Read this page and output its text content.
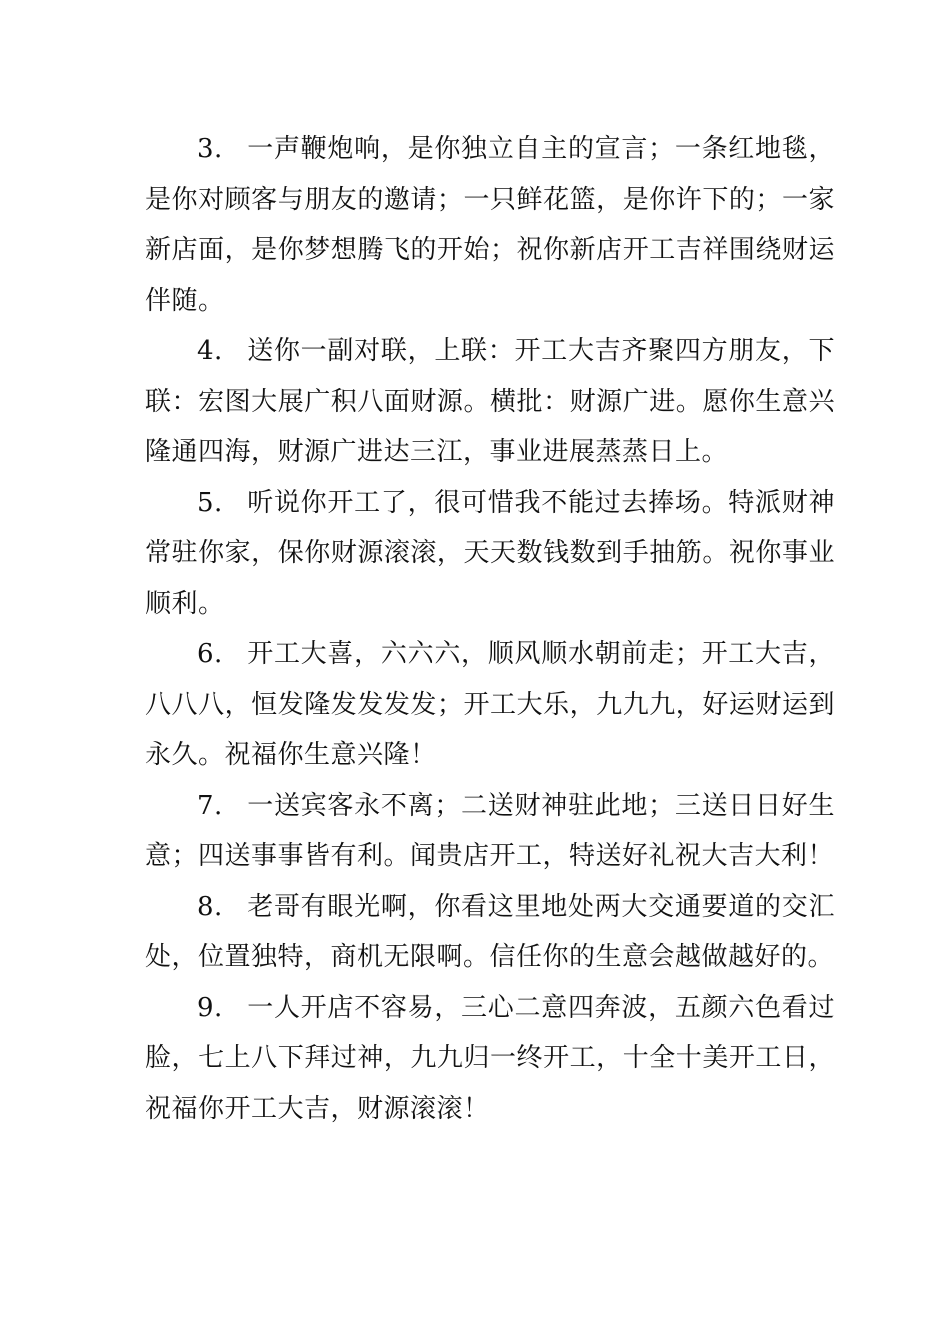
3. 一声鞭炮响，是你独立自主的宣言；一条红地毯，是你对顾客与朋友的邀请；一只鲜花篮，是你许下的；一家新店面，是你梦想腾飞的开始；祝你新店开工吉祥围绕财运伴随。

4. 送你一副对联，上联：开工大吉齐聚四方朋友，下联：宏图大展广积八面财源。横批：财源广进。愿你生意兴隆通四海，财源广进达三江，事业进展蒸蒸日上。

5. 听说你开工了，很可惜我不能过去捧场。特派财神常驻你家，保你财源滚滚，天天数钱数到手抽筋。祝你事业顺利。

6. 开工大喜，六六六，顺风顺水朝前走；开工大吉，八八八，恒发隆发发发发；开工大乐，九九九，好运财运到永久。祝福你生意兴隆！

7. 一送宾客永不离；二送财神驻此地；三送日日好生意；四送事事皆有利。闻贵店开工，特送好礼祝大吉大利！

8. 老哥有眼光啊，你看这里地处两大交通要道的交汇处，位置独特，商机无限啊。信任你的生意会越做越好的。

9. 一人开店不容易，三心二意四奔波，五颜六色看过脸，七上八下拜过神，九九归一终开工，十全十美开工日，祝福你开工大吉，财源滚滚！
